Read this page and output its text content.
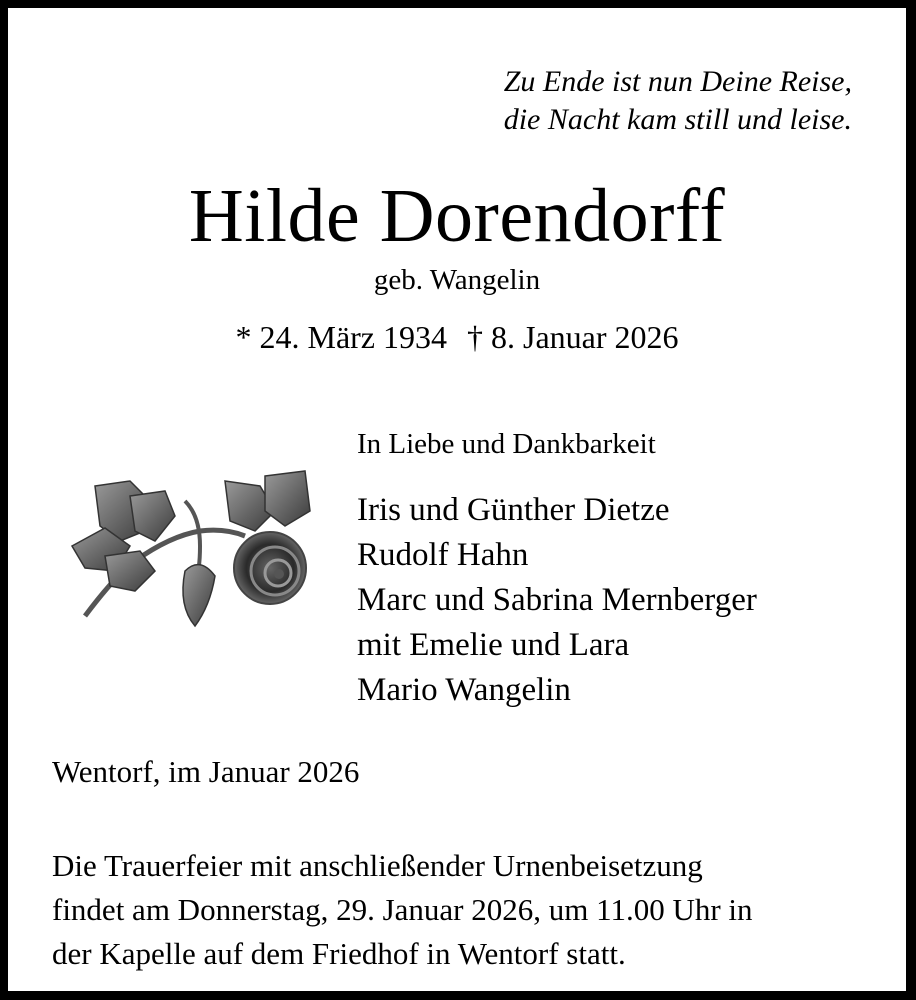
Zu Ende ist nun Deine Reise,
die Nacht kam still und leise.
Hilde Dorendorff
geb. Wangelin
* 24. März 1934 † 8. Januar 2026
In Liebe und Dankbarkeit
Iris und Günther Dietze
Rudolf Hahn
Marc und Sabrina Mernberger
mit Emelie und Lara
Mario Wangelin
Wentorf, im Januar 2026
Die Trauerfeier mit anschließender Urnenbeisetzung
findet am Donnerstag, 29. Januar 2026, um 11.00 Uhr in
der Kapelle auf dem Friedhof in Wentorf statt.
